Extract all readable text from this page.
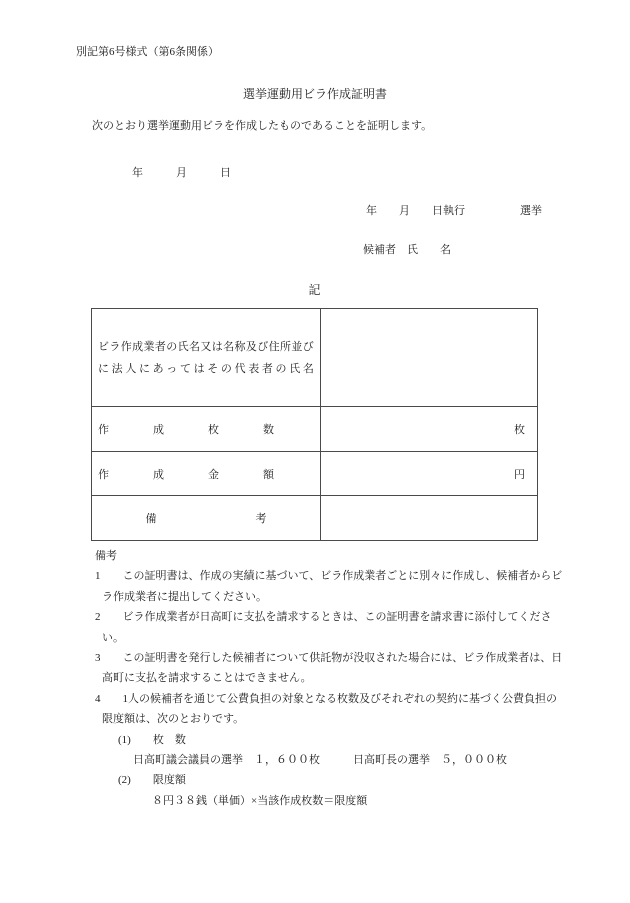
別記第6号様式（第6条関係）
選挙運動用ビラ作成証明書
次のとおり選挙運動用ビラを作成したものであることを証明します。
年　　　月　　　日
年　　月　　日執行　　　　　選挙
候補者　氏　　名
記
ビ ラ 作 成 業 者 の 氏 名 又 は 名 称 及 び 住 所 並 び
に 法 人 に あ っ て は そ の 代 表 者 の 氏 名
作　　　　成　　　　枚　　　　数	枚
作　　　　成　　　　金　　　　額	円
備　　　　　　　　　考
備考
1　　この証明書は、作成の実績に基づいて、ビラ作成業者ごとに別々に作成し、候補者からビ
ラ作成業者に提出してください。
2　　ビラ作成業者が日高町に支払を請求するときは、この証明書を請求書に添付してくださ
い。
3　　この証明書を発行した候補者について供託物が没収された場合には、ビラ作成業者は、日
高町に支払を請求することはできません。
4　　1人の候補者を通じて公費負担の対象となる枚数及びそれぞれの契約に基づく公費負担の
限度額は、次のとおりです。
(1)　　枚　数
日高町議会議員の選挙　１，６００枚　　　日高町長の選挙　５，０００枚
(2)　　限度額
８円３８銭（単価）×当該作成枚数＝限度額
